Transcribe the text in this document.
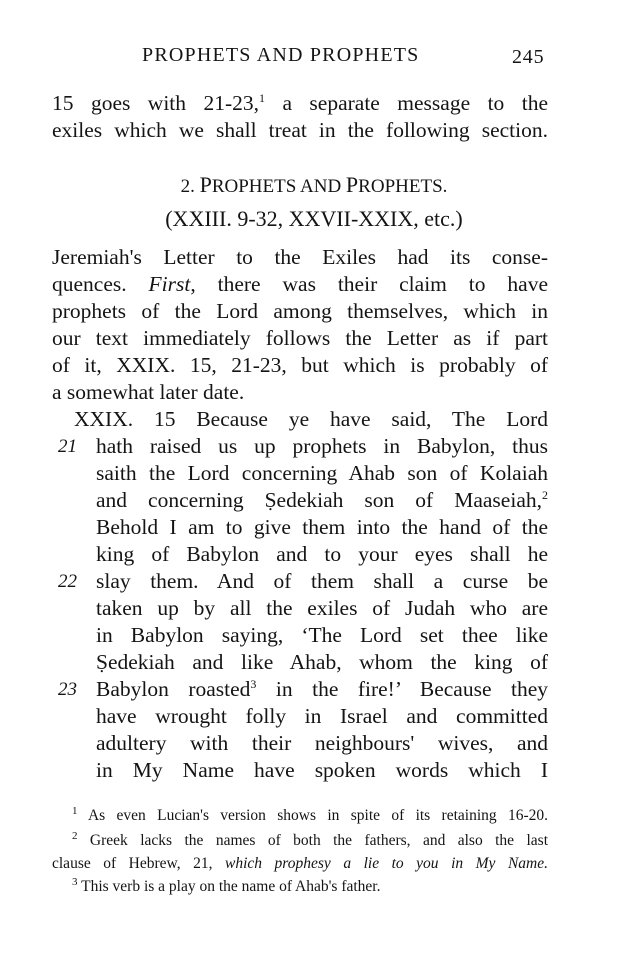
PROPHETS AND PROPHETS	245
15 goes with 21-23,$^1$ a separate message to the
exiles which we shall treat in the following section.
2. PROPHETS AND PROPHETS.
(XXIII. 9-32, XXVII-XXIX, etc.)
Jeremiah's Letter to the Exiles had its conse-
quences. First, there was their claim to have
prophets of the Lord among themselves, which in
our text immediately follows the Letter as if part
of it, XXIX. 15, 21-23, but which is probably of
a somewhat later date.
XXIX. 15 Because ye have said, The Lord
21 hath raised us up prophets in Babylon, thus
saith the Lord concerning Ahab son of Kolaiah
and concerning Ṣedekiah son of Maaseiah,$^2$
Behold I am to give them into the hand of the
king of Babylon and to your eyes shall he
22 slay them. And of them shall a curse be
taken up by all the exiles of Judah who are
in Babylon saying, ‘The Lord set thee like
Ṣedekiah and like Ahab, whom the king of
23 Babylon roasted$^3$ in the fire!’ Because they
have wrought folly in Israel and committed
adultery with their neighbours' wives, and
in My Name have spoken words which I
$^1$ As even Lucian's version shows in spite of its retaining 16-20.
$^2$ Greek lacks the names of both the fathers, and also the last
clause of Hebrew, 21, which prophesy a lie to you in My Name.
$^3$ This verb is a play on the name of Ahab's father.
